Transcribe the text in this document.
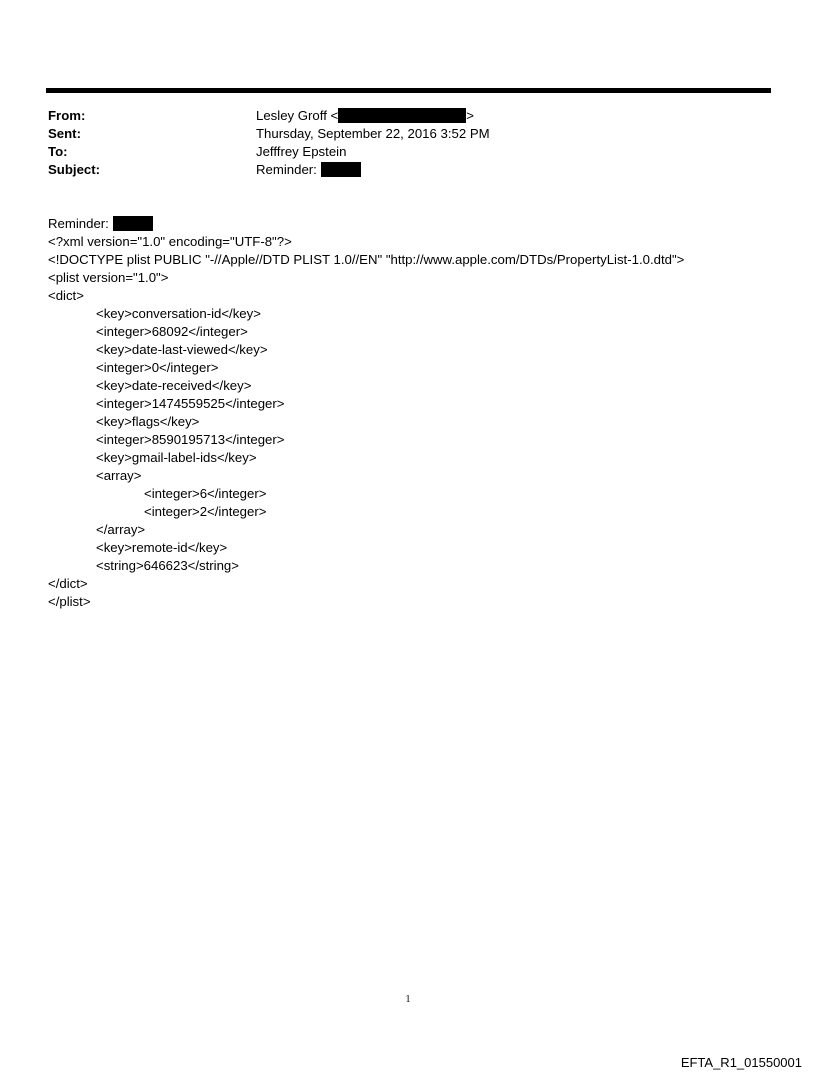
From:	Lesley Groff <	>
Sent:	Thursday, September 22, 2016 3:52 PM
To:	Jefffrey Epstein
Subject:	Reminder:
Reminder:
<?xml version="1.0" encoding="UTF-8"?>
<!DOCTYPE plist PUBLIC "-//Apple//DTD PLIST 1.0//EN" "http://www.apple.com/DTDs/PropertyList-1.0.dtd">
<plist version="1.0">
<dict>
<key>conversation-id</key>
<integer>68092</integer>
<key>date-last-viewed</key>
<integer>0</integer>
<key>date-received</key>
<integer>1474559525</integer>
<key>flags</key>
<integer>8590195713</integer>
<key>gmail-label-ids</key>
<array>
<integer>6</integer>
<integer>2</integer>
</array>
<key>remote-id</key>
<string>646623</string>
</dict>
</plist>
1
EFTA_R1_01550001
